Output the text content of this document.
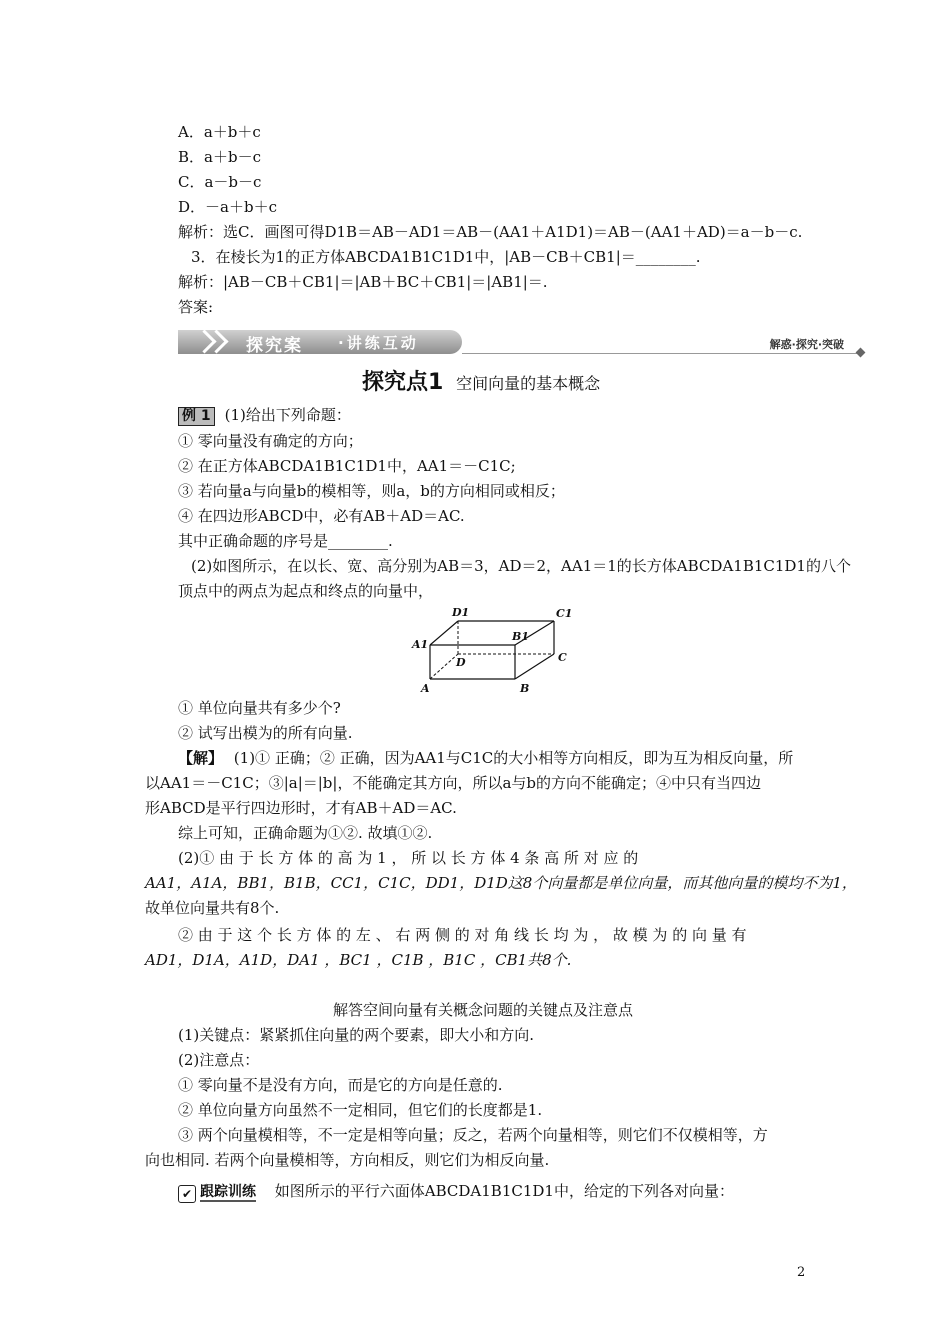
A．a＋b＋c
B．a＋b－c
C．a－b－c
D．－a＋b＋c
解析：选C．画图可得D1B＝AB－AD1＝AB－(AA1＋A1D1)＝AB－(AA1＋AD)＝a－b－c.
3．在棱长为1的正方体ABCDA1B1C1D1中，|AB－CB＋CB1|＝________.
解析：|AB－CB＋CB1|＝|AB＋BC＋CB1|＝|AB1|＝.
答案:
探究案 ·讲练互动	解惑·探究·突破
探究点1 空间向量的基本概念
例 1 (1)给出下列命题：
① 零向量没有确定的方向；
② 在正方体ABCDA1B1C1D1中，AA1＝－C1C;
③ 若向量a与向量b的模相等，则a，b的方向相同或相反；
④ 在四边形ABCD中，必有AB＋AD＝AC.
其中正确命题的序号是________.
(2)如图所示，在以长、宽、高分别为AB＝3，AD＝2，AA1＝1的长方体ABCDA1B1C1D1的八个
顶点中的两点为起点和终点的向量中，
D1	C1
A1
B1
D	C
A	B
① 单位向量共有多少个?
② 试写出模为的所有向量.
【解】 (1)① 正确；② 正确，因为AA1与C1C的大小相等方向相反，即为互为相反向量，所
以AA1＝－C1C；③|a|＝|b|，不能确定其方向，所以a与b的方向不能确定；④中只有当四边
形ABCD是平行四边形时，才有AB＋AD＝AC.
综上可知，正确命题为①②. 故填①②.
(2)① 由 于 长 方 体 的 高 为 1 ， 所 以 长 方 体 4 条 高 所 对 应 的
AA1，A1A，BB1，B1B，CC1，C1C，DD1，D1D这8个向量都是单位向量，而其他向量的模均不为1，
故单位向量共有8个.
② 由 于 这 个 长 方 体 的 左 、 右 两 侧 的 对 角 线 长 均 为 ， 故 模 为 的 向 量 有
AD1，D1A，A1D，DA1 ，BC1 ，C1B ，B1C ，CB1共8个.
解答空间向量有关概念问题的关键点及注意点
(1)关键点：紧紧抓住向量的两个要素，即大小和方向.
(2)注意点：
① 零向量不是没有方向，而是它的方向是任意的.
② 单位向量方向虽然不一定相同，但它们的长度都是1.
③ 两个向量模相等，不一定是相等向量；反之，若两个向量相等，则它们不仅模相等，方
向也相同. 若两个向量模相等，方向相反，则它们为相反向量.
✔ 跟踪训练 如图所示的平行六面体ABCDA1B1C1D1中，给定的下列各对向量：
2
